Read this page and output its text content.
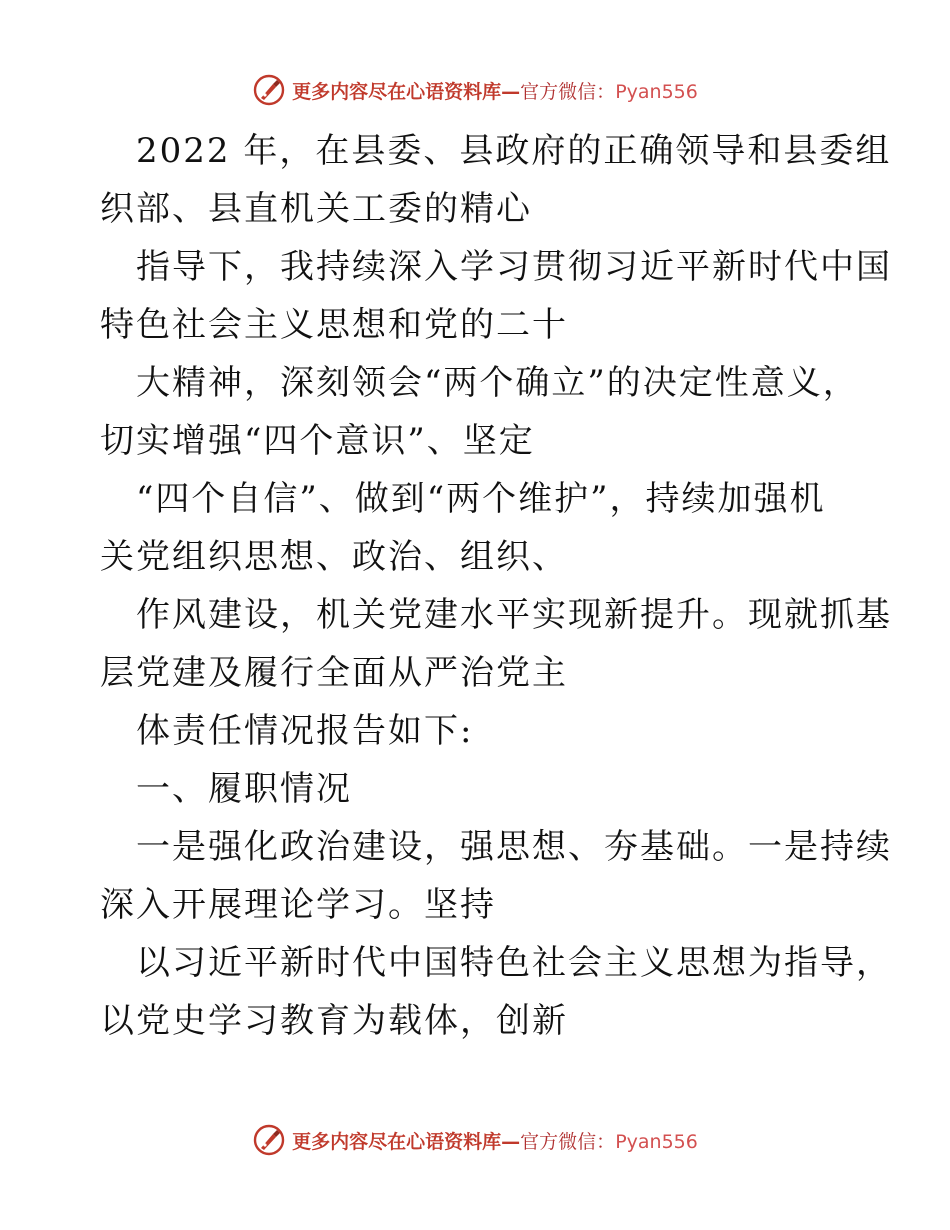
更多内容尽在心语资料库—官方微信：Pyan556
2022 年，在县委、县政府的正确领导和县委组
织部、县直机关工委的精心
指导下，我持续深入学习贯彻习近平新时代中国
特色社会主义思想和党的二十
大精神，深刻领会“两个确立”的决定性意义，
切实增强“四个意识”、坚定
“四个自信”、做到“两个维护”，持续加强机
关党组织思想、政治、组织、
作风建设，机关党建水平实现新提升。现就抓基
层党建及履行全面从严治党主
体责任情况报告如下:
一、履职情况
一是强化政治建设，强思想、夯基础。一是持续
深入开展理论学习。坚持
以习近平新时代中国特色社会主义思想为指导，
以党史学习教育为载体，创新
更多内容尽在心语资料库—官方微信：Pyan556
